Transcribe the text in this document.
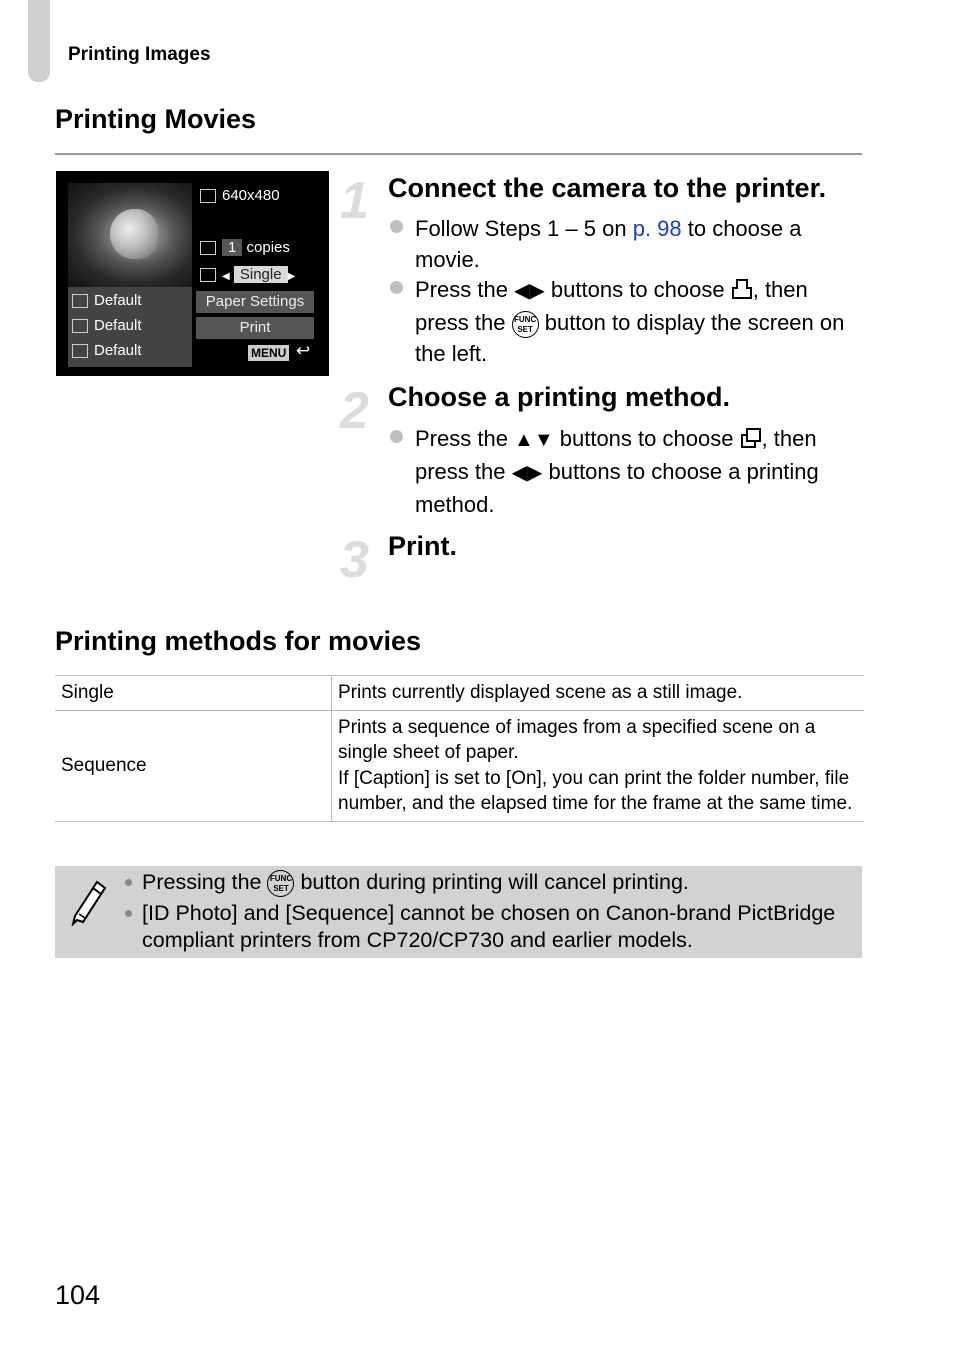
Printing Images
Printing Movies
640x480
1 copies
◀ Single ▶
Default
Default
Default
Paper Settings
Print
MENU ↩
1 Connect the camera to the printer.
Follow Steps 1 – 5 on p. 98 to choose a movie.
Press the ◀▶ buttons to choose , then press the FUNC
SET button to display the screen on the left.
2 Choose a printing method.
Press the ▲▼ buttons to choose , then press the ◀▶ buttons to choose a printing method.
3 Print.
Printing methods for movies
Single	Prints currently displayed scene as a still image.
Sequence	Prints a sequence of images from a specified scene on a single sheet of paper.
If [Caption] is set to [On], you can print the folder number, file number, and the elapsed time for the frame at the same time.
Pressing the FUNC
SET button during printing will cancel printing.
[ID Photo] and [Sequence] cannot be chosen on Canon-brand PictBridge compliant printers from CP720/CP730 and earlier models.
104
